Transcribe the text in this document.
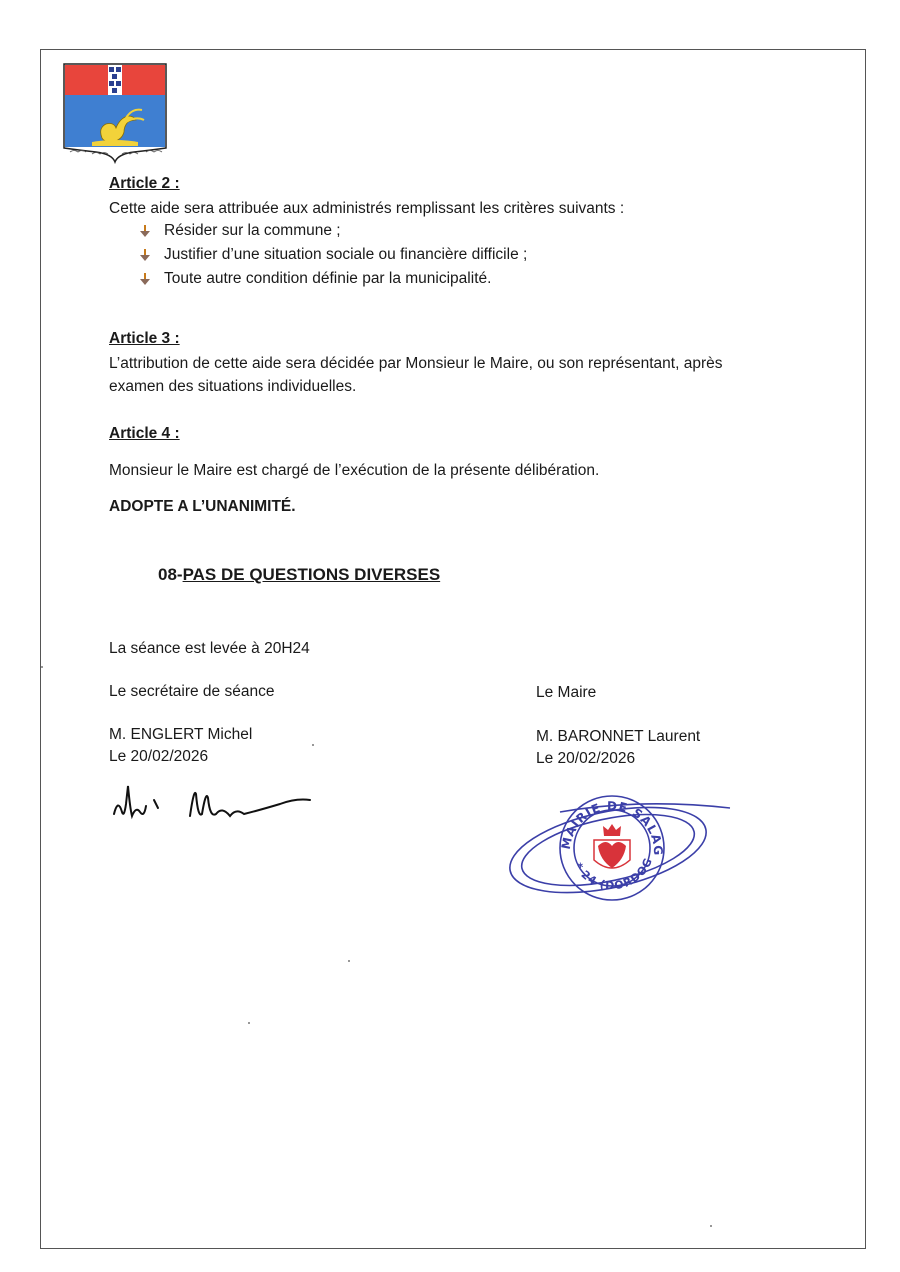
Article 2 :
Cette aide sera attribuée aux administrés remplissant les critères suivants :
Résider sur la commune ;
Justifier d’une situation sociale ou financière difficile ;
Toute autre condition définie par la municipalité.
Article 3 :
L’attribution de cette aide sera décidée par Monsieur le Maire, ou son représentant, après
examen des situations individuelles.
Article 4 :
Monsieur le Maire est chargé de l’exécution de la présente délibération.
ADOPTE A L’UNANIMITÉ.
08-PAS DE QUESTIONS DIVERSES
La séance est levée à 20H24
Le secrétaire de séance
M. ENGLERT Michel
Le 20/02/2026
Le Maire
M. BARONNET Laurent
Le 20/02/2026
MAIRIE DE SALAG
* 24 (DORDOG
